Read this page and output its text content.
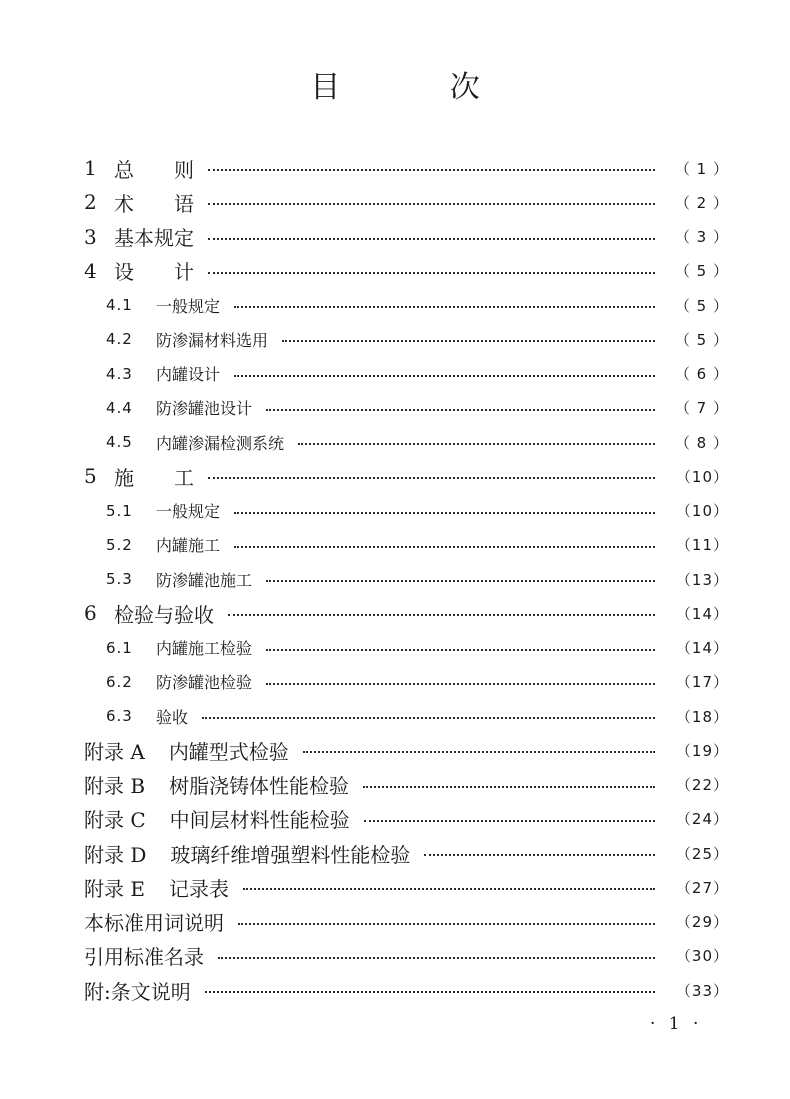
目 次
1 总　　则	（ 1 ）
2 术　　语	（ 2 ）
3 基本规定	（ 3 ）
4 设　　计	（ 5 ）
4.1	一般规定	（ 5 ）
4.2	防渗漏材料选用	（ 5 ）
4.3	内罐设计	（ 6 ）
4.4	防渗罐池设计	（ 7 ）
4.5	内罐渗漏检测系统	（ 8 ）
5 施　　工	（10）
5.1	一般规定	（10）
5.2	内罐施工	（11）
5.3	防渗罐池施工	（13）
6 检验与验收	（14）
6.1	内罐施工检验	（14）
6.2	防渗罐池检验	（17）
6.3	验收	（18）
附录 A 内罐型式检验	（19）
附录 B 树脂浇铸体性能检验	（22）
附录 C 中间层材料性能检验	（24）
附录 D 玻璃纤维增强塑料性能检验	（25）
附录 E 记录表	（27）
本标准用词说明	（29）
引用标准名录	（30）
附:条文说明	（33）
· 1 ·
